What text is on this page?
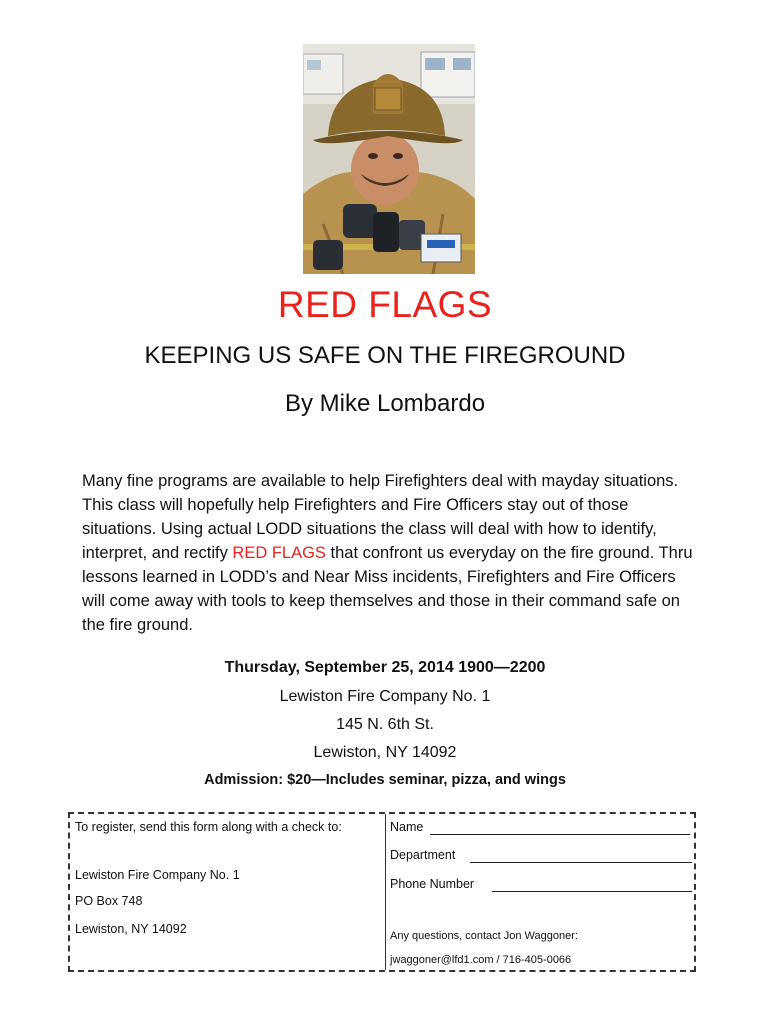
RED FLAGS
KEEPING US SAFE ON THE FIREGROUND
By Mike Lombardo
Many fine programs are available to help Firefighters deal with mayday situations. This class will hopefully help Firefighters and Fire Officers stay out of those situations. Using actual LODD situations the class will deal with how to identify, interpret, and rectify RED FLAGS that confront us everyday on the fire ground. Thru lessons learned in LODD’s and Near Miss incidents, Firefighters and Fire Officers will come away with tools to keep themselves and those in their command safe on the fire ground.
Thursday, September 25, 2014 1900—2200
Lewiston Fire Company No. 1
145 N. 6th St.
Lewiston, NY 14092
Admission: $20—Includes seminar, pizza, and wings
To register, send this form along with a check to:
Lewiston Fire Company No. 1
PO Box 748
Lewiston, NY 14092
Name
Department
Phone Number
Any questions, contact Jon Waggoner:
jwaggoner@lfd1.com / 716-405-0066
